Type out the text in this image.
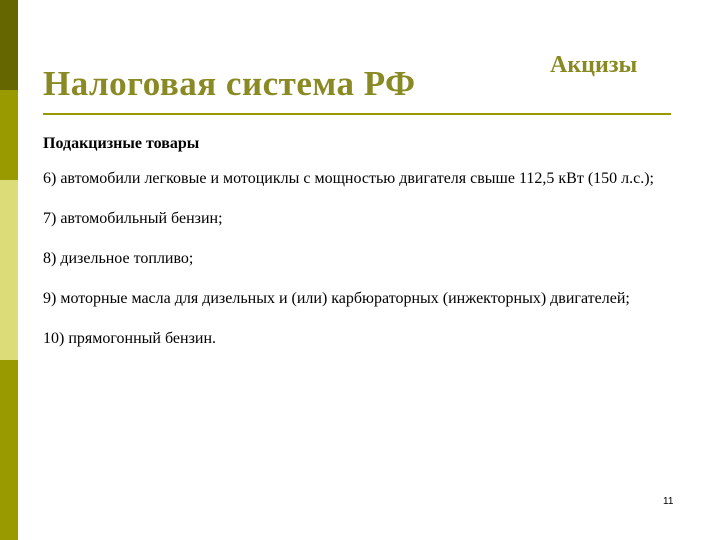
Налоговая система РФ	Акцизы
Подакцизные товары
6) автомобили легковые и мотоциклы с мощностью двигателя свыше 112,5 кВт (150 л.с.);
7) автомобильный бензин;
8) дизельное топливо;
9) моторные масла для дизельных и (или) карбюраторных (инжекторных) двигателей;
10) прямогонный бензин.
11
